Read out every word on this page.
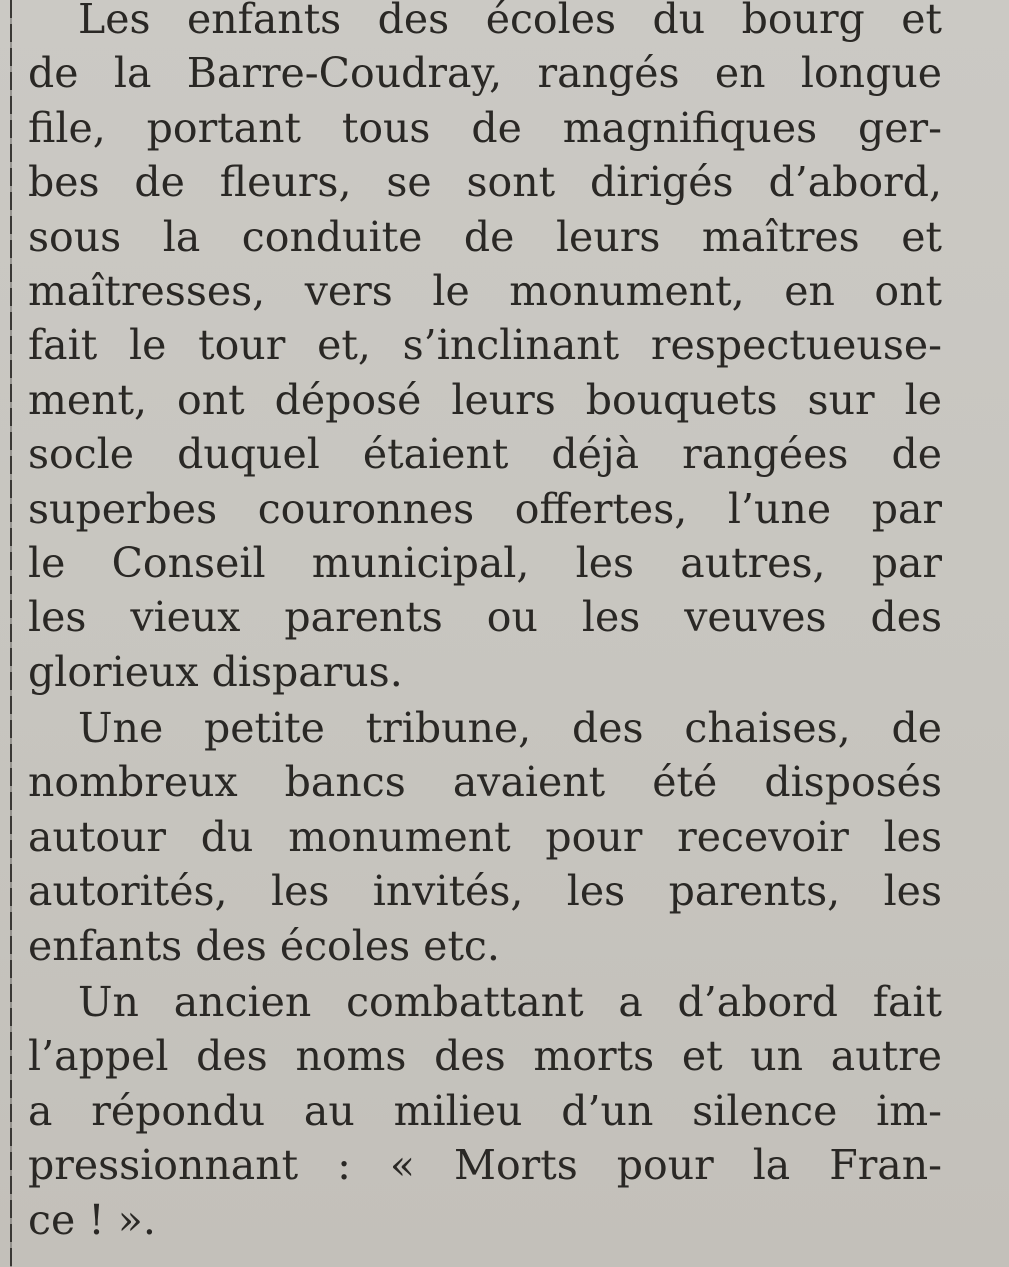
Les enfants des écoles du bourg et
de la Barre-Coudray, rangés en longue
file, portant tous de magnifiques ger-
bes de fleurs, se sont dirigés d’abord,
sous la conduite de leurs maîtres et
maîtresses, vers le monument, en ont
fait le tour et, s’inclinant respectueuse-
ment, ont déposé leurs bouquets sur le
socle duquel étaient déjà rangées de
superbes couronnes offertes, l’une par
le Conseil municipal, les autres, par
les vieux parents ou les veuves des
glorieux disparus.
Une petite tribune, des chaises, de
nombreux bancs avaient été disposés
autour du monument pour recevoir les
autorités, les invités, les parents, les
enfants des écoles etc.
Un ancien combattant a d’abord fait
l’appel des noms des morts et un autre
a répondu au milieu d’un silence im-
pressionnant : « Morts pour la Fran-
ce ! ».
